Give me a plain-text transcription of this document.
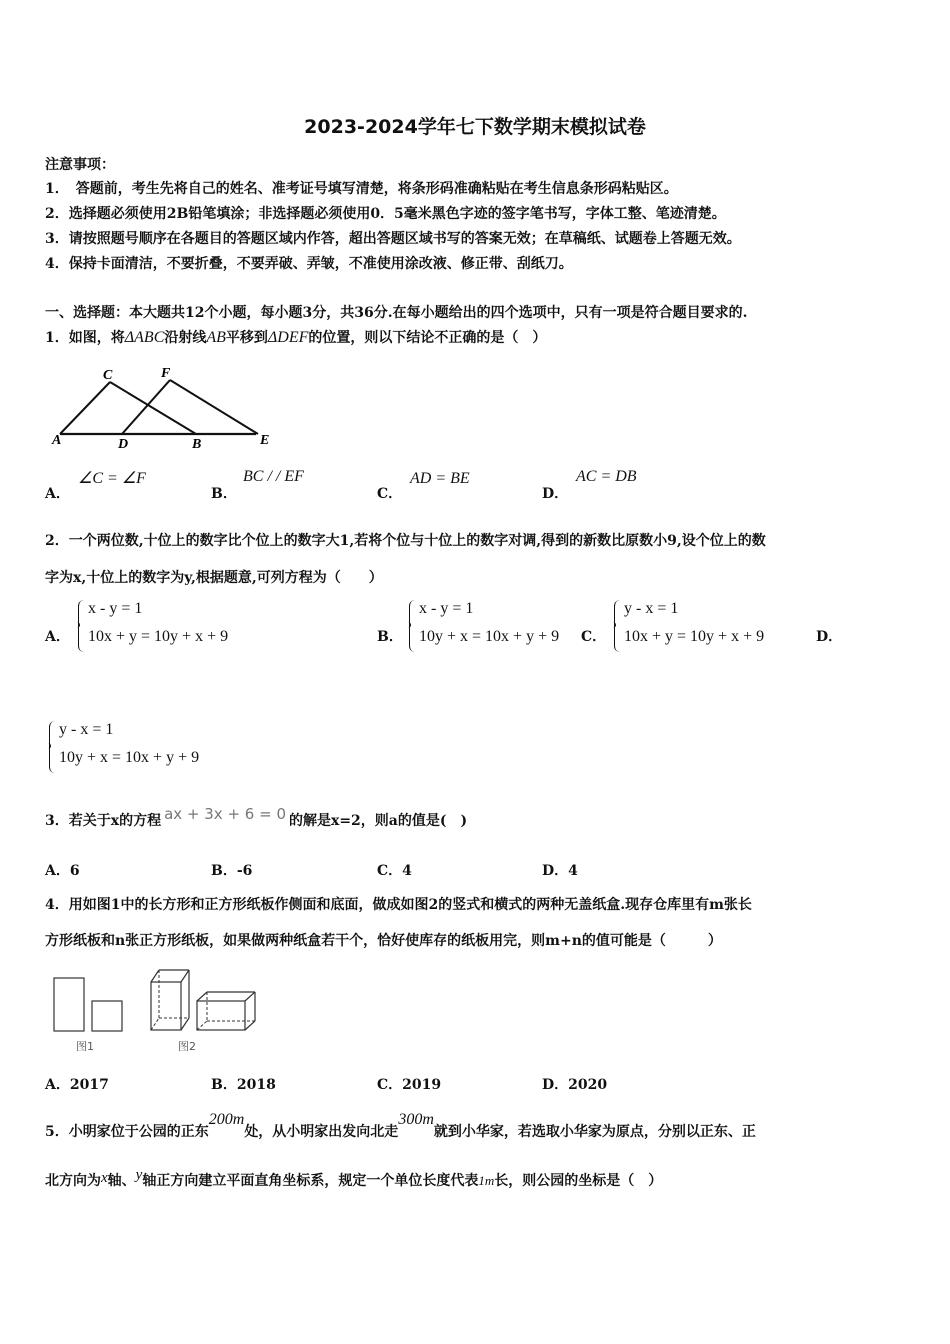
2023-2024学年七下数学期末模拟试卷
注意事项：
1．　答题前，考生先将自己的姓名、准考证号填写清楚，将条形码准确粘贴在考生信息条形码粘贴区。
2．选择题必须使用2B铅笔填涂；非选择题必须使用0．5毫米黑色字迹的签字笔书写，字体工整、笔迹清楚。
3．请按照题号顺序在各题目的答题区域内作答，超出答题区域书写的答案无效；在草稿纸、试题卷上答题无效。
4．保持卡面清洁，不要折叠，不要弄破、弄皱，不准使用涂改液、修正带、刮纸刀。
一、选择题：本大题共12个小题，每小题3分，共36分.在每小题给出的四个选项中，只有一项是符合题目要求的.
1．如图，将ΔABC沿射线AB平移到ΔDEF的位置，则以下结论不正确的是（　）
C	F
A	D	B	E
A．
∠C = ∠F
B．
BC / / EF
C．
AD = BE
D．
AC = DB
2．一个两位数,十位上的数字比个位上的数字大1,若将个位与十位上的数字对调,得到的新数比原数小9,设个位上的数
字为x,十位上的数字为y,根据题意,可列方程为（　　）
A．
x - y = 1
10x + y = 10y + x + 9	B．
x - y = 1
10y + x = 10x + y + 9 C．
y - x = 1
10x + y = 10y + x + 9	D．
y - x = 1
10y + x = 10x + y + 9
3．若关于x的方程 ax + 3x + 6 = 0 的解是x=2，则a的值是(　)
A．6	B．-6	C．4	D．4
4．用如图1中的长方形和正方形纸板作侧面和底面，做成如图2的竖式和横式的两种无盖纸盒.现存仓库里有m张长
方形纸板和n张正方形纸板，如果做两种纸盒若干个，恰好使库存的纸板用完，则m+n的值可能是（　　　）
图1	图2
A．2017	B．2018	C．2019	D．2020
5．小明家位于公园的正东200m处，从小明家出发向北走300m就到小华家，若选取小华家为原点，分别以正东、正
北方向为x轴、y轴正方向建立平面直角坐标系，规定一个单位长度代表1m长，则公园的坐标是（　）
